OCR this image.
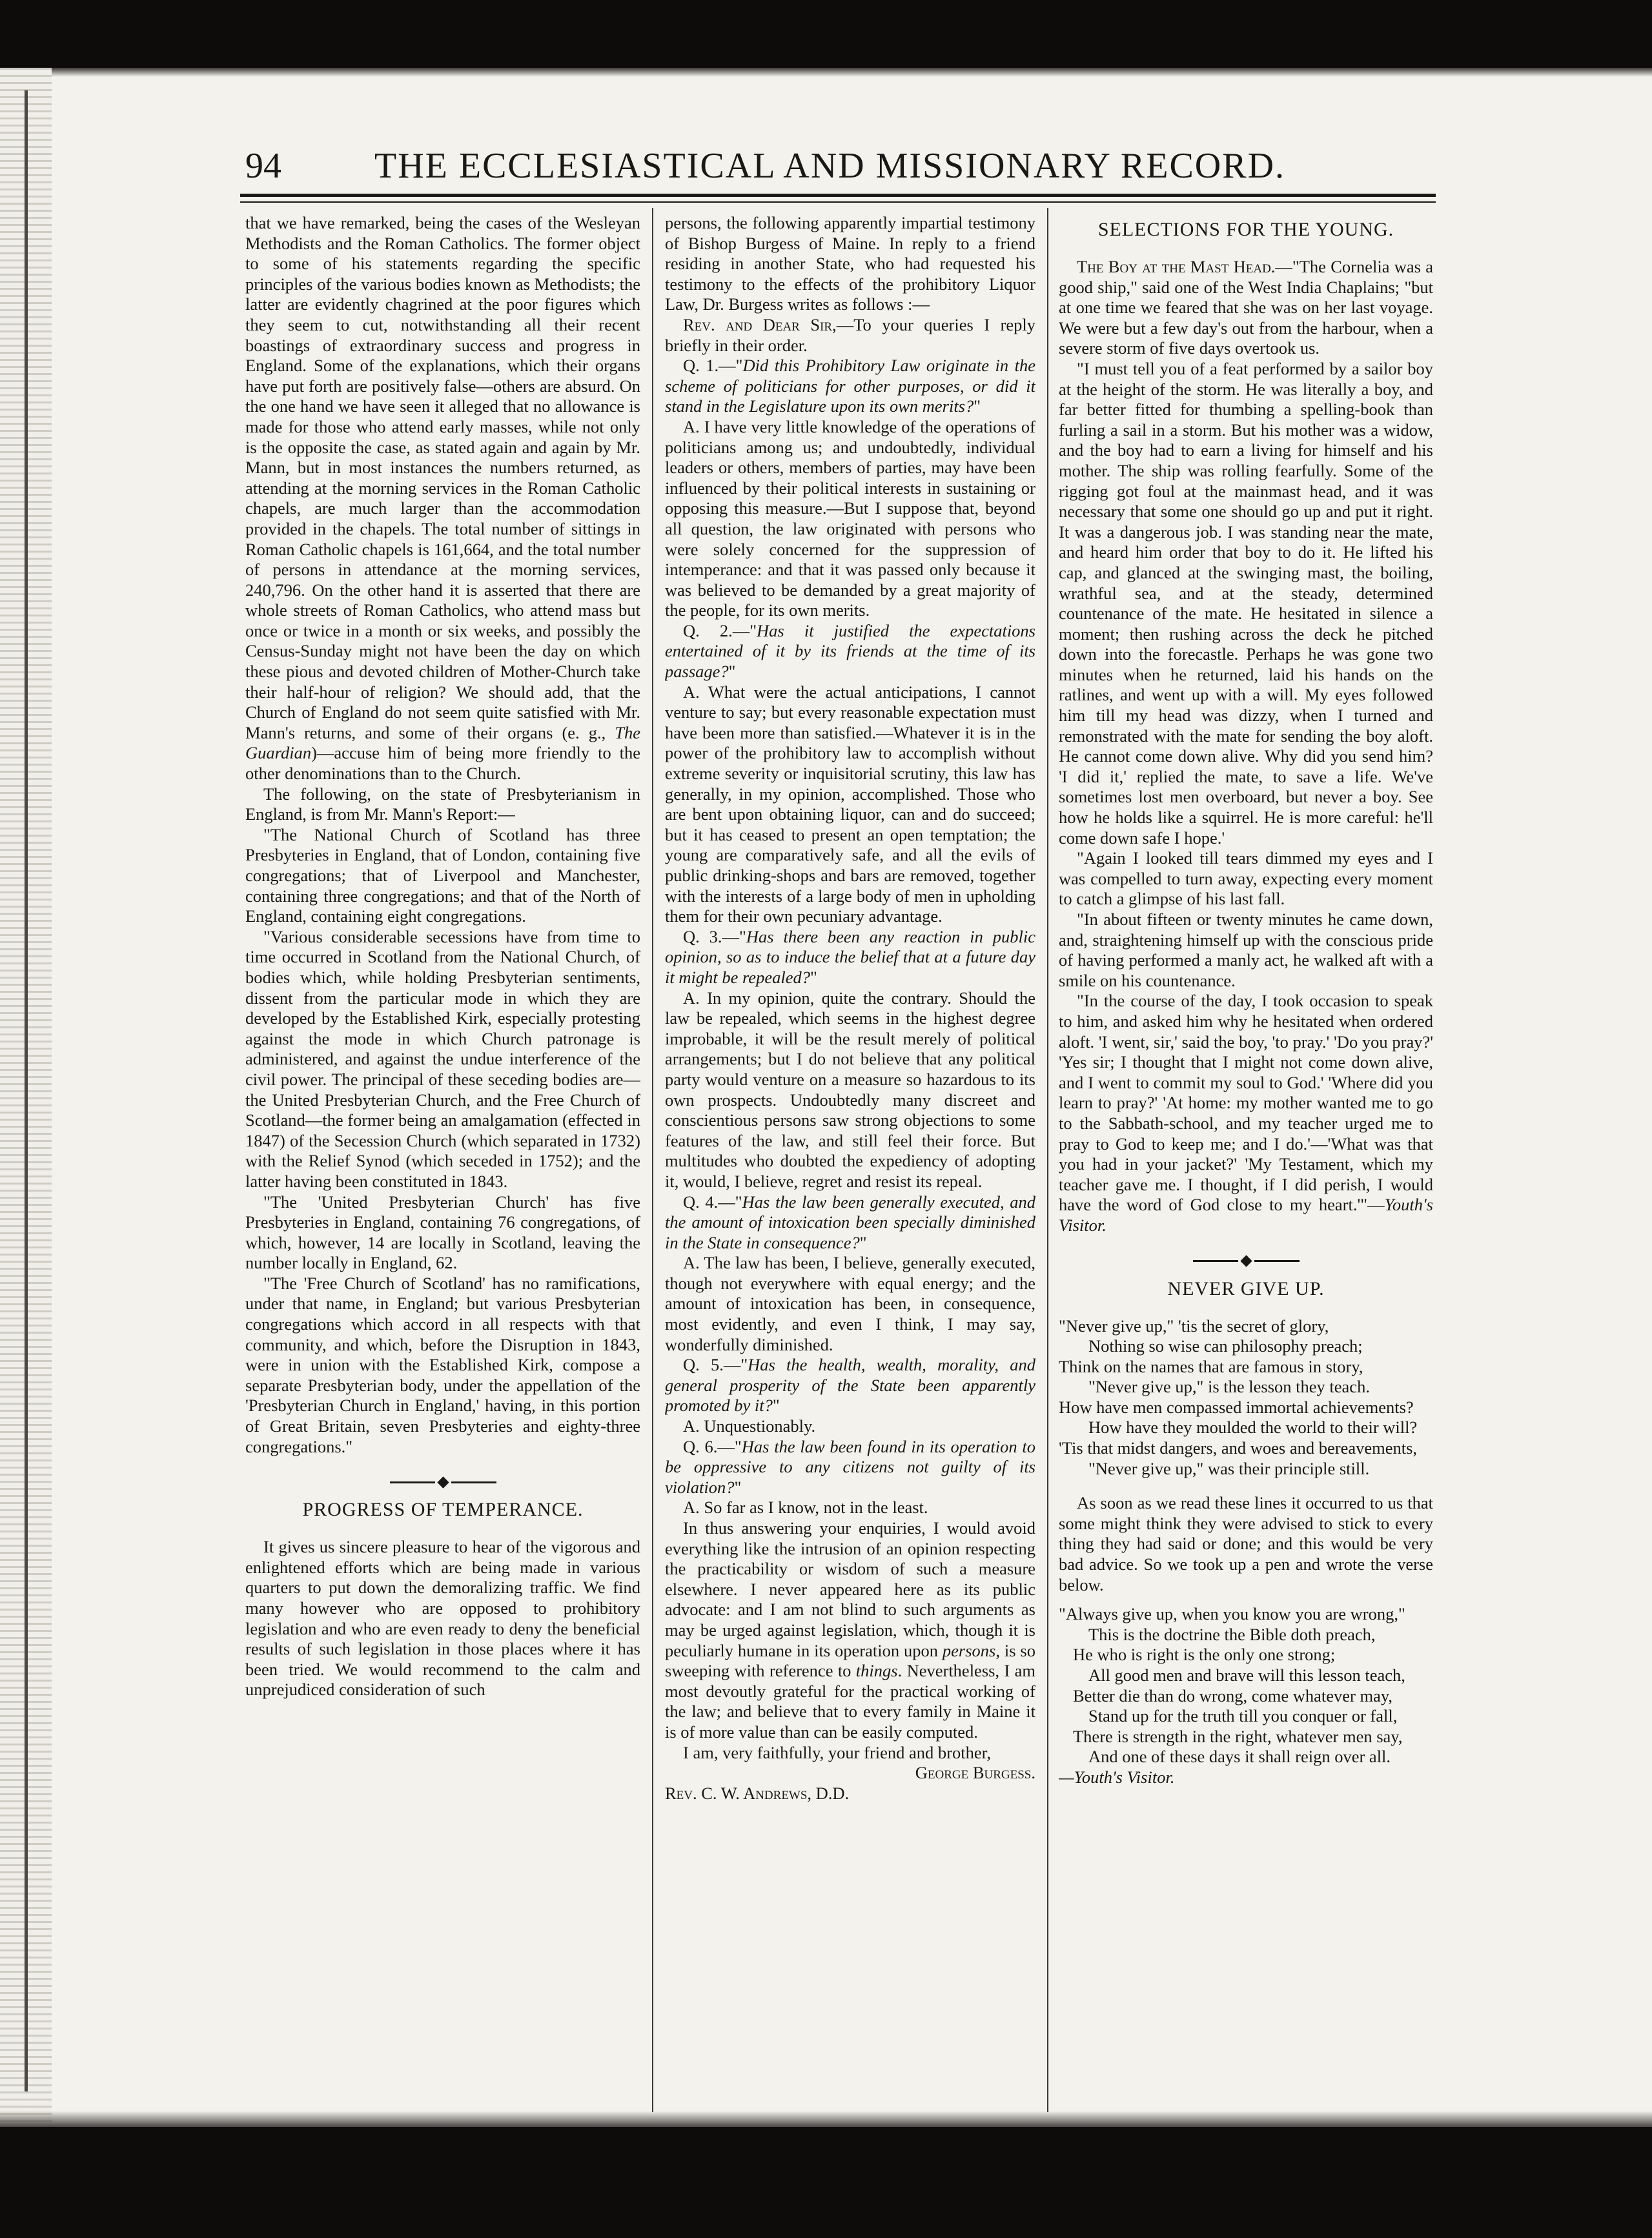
94	THE ECCLESIASTICAL AND MISSIONARY RECORD.

that we have remarked, being the cases of the Wesleyan Methodists and the Roman Catholics. The former object to some of his statements regarding the specific principles of the various bodies known as Methodists; the latter are evidently chagrined at the poor figures which they seem to cut, notwithstanding all their recent boastings of extraordinary success and progress in England. Some of the explanations, which their organs have put forth are positively false—others are absurd. On the one hand we have seen it alleged that no allowance is made for those who attend early masses, while not only is the opposite the case, as stated again and again by Mr. Mann, but in most instances the numbers returned, as attending at the morning services in the Roman Catholic chapels, are much larger than the accommodation provided in the chapels. The total number of sittings in Roman Catholic chapels is 161,664, and the total number of persons in attendance at the morning services, 240,796. On the other hand it is asserted that there are whole streets of Roman Catholics, who attend mass but once or twice in a month or six weeks, and possibly the Census-Sunday might not have been the day on which these pious and devoted children of Mother-Church take their half-hour of religion? We should add, that the Church of England do not seem quite satisfied with Mr. Mann's returns, and some of their organs (e. g., The Guardian)—accuse him of being more friendly to the other denominations than to the Church.

The following, on the state of Presbyterianism in England, is from Mr. Mann's Report:—

"The National Church of Scotland has three Presbyteries in England, that of London, containing five congregations; that of Liverpool and Manchester, containing three congregations; and that of the North of England, containing eight congregations.

"Various considerable secessions have from time to time occurred in Scotland from the National Church, of bodies which, while holding Presbyterian sentiments, dissent from the particular mode in which they are developed by the Established Kirk, especially protesting against the mode in which Church patronage is administered, and against the undue interference of the civil power. The principal of these seceding bodies are—the United Presbyterian Church, and the Free Church of Scotland—the former being an amalgamation (effected in 1847) of the Secession Church (which separated in 1732) with the Relief Synod (which seceded in 1752); and the latter having been constituted in 1843.

"The 'United Presbyterian Church' has five Presbyteries in England, containing 76 congregations, of which, however, 14 are locally in Scotland, leaving the number locally in England, 62.

"The 'Free Church of Scotland' has no ramifications, under that name, in England; but various Presbyterian congregations which accord in all respects with that community, and which, before the Disruption in 1843, were in union with the Established Kirk, compose a separate Presbyterian body, under the appellation of the 'Presbyterian Church in England,' having, in this portion of Great Britain, seven Presbyteries and eighty-three congregations."

PROGRESS OF TEMPERANCE.

It gives us sincere pleasure to hear of the vigorous and enlightened efforts which are being made in various quarters to put down the demoralizing traffic. We find many however who are opposed to prohibitory legislation and who are even ready to deny the beneficial results of such legislation in those places where it has been tried. We would recommend to the calm and unprejudiced consideration of such

persons, the following apparently impartial testimony of Bishop Burgess of Maine. In reply to a friend residing in another State, who had requested his testimony to the effects of the prohibitory Liquor Law, Dr. Burgess writes as follows :—

Rev. and Dear Sir,—To your queries I reply briefly in their order.

Q. 1.—"Did this Prohibitory Law originate in the scheme of politicians for other purposes, or did it stand in the Legislature upon its own merits?"

A. I have very little knowledge of the operations of politicians among us; and undoubtedly, individual leaders or others, members of parties, may have been influenced by their political interests in sustaining or opposing this measure.—But I suppose that, beyond all question, the law originated with persons who were solely concerned for the suppression of intemperance: and that it was passed only because it was believed to be demanded by a great majority of the people, for its own merits.

Q. 2.—"Has it justified the expectations entertained of it by its friends at the time of its passage?"

A. What were the actual anticipations, I cannot venture to say; but every reasonable expectation must have been more than satisfied.—Whatever it is in the power of the prohibitory law to accomplish without extreme severity or inquisitorial scrutiny, this law has generally, in my opinion, accomplished. Those who are bent upon obtaining liquor, can and do succeed; but it has ceased to present an open temptation; the young are comparatively safe, and all the evils of public drinking-shops and bars are removed, together with the interests of a large body of men in upholding them for their own pecuniary advantage.

Q. 3.—"Has there been any reaction in public opinion, so as to induce the belief that at a future day it might be repealed?"

A. In my opinion, quite the contrary. Should the law be repealed, which seems in the highest degree improbable, it will be the result merely of political arrangements; but I do not believe that any political party would venture on a measure so hazardous to its own prospects. Undoubtedly many discreet and conscientious persons saw strong objections to some features of the law, and still feel their force. But multitudes who doubted the expediency of adopting it, would, I believe, regret and resist its repeal.

Q. 4.—"Has the law been generally executed, and the amount of intoxication been specially diminished in the State in consequence?"

A. The law has been, I believe, generally executed, though not everywhere with equal energy; and the amount of intoxication has been, in consequence, most evidently, and even I think, I may say, wonderfully diminished.

Q. 5.—"Has the health, wealth, morality, and general prosperity of the State been apparently promoted by it?"

A. Unquestionably.

Q. 6.—"Has the law been found in its operation to be oppressive to any citizens not guilty of its violation?"

A. So far as I know, not in the least.

In thus answering your enquiries, I would avoid everything like the intrusion of an opinion respecting the practicability or wisdom of such a measure elsewhere. I never appeared here as its public advocate: and I am not blind to such arguments as may be urged against legislation, which, though it is peculiarly humane in its operation upon persons, is so sweeping with reference to things. Nevertheless, I am most devoutly grateful for the practical working of the law; and believe that to every family in Maine it is of more value than can be easily computed.

I am, very faithfully, your friend and brother,

George Burgess.

Rev. C. W. Andrews, D.D.

SELECTIONS FOR THE YOUNG.

The Boy at the Mast Head.—"The Cornelia was a good ship," said one of the West India Chaplains; "but at one time we feared that she was on her last voyage. We were but a few day's out from the harbour, when a severe storm of five days overtook us.

"I must tell you of a feat performed by a sailor boy at the height of the storm. He was literally a boy, and far better fitted for thumbing a spelling-book than furling a sail in a storm. But his mother was a widow, and the boy had to earn a living for himself and his mother. The ship was rolling fearfully. Some of the rigging got foul at the mainmast head, and it was necessary that some one should go up and put it right. It was a dangerous job. I was standing near the mate, and heard him order that boy to do it. He lifted his cap, and glanced at the swinging mast, the boiling, wrathful sea, and at the steady, determined countenance of the mate. He hesitated in silence a moment; then rushing across the deck he pitched down into the forecastle. Perhaps he was gone two minutes when he returned, laid his hands on the ratlines, and went up with a will. My eyes followed him till my head was dizzy, when I turned and remonstrated with the mate for sending the boy aloft. He cannot come down alive. Why did you send him? 'I did it,' replied the mate, to save a life. We've sometimes lost men overboard, but never a boy. See how he holds like a squirrel. He is more careful: he'll come down safe I hope.'

"Again I looked till tears dimmed my eyes and I was compelled to turn away, expecting every moment to catch a glimpse of his last fall.

"In about fifteen or twenty minutes he came down, and, straightening himself up with the conscious pride of having performed a manly act, he walked aft with a smile on his countenance.

"In the course of the day, I took occasion to speak to him, and asked him why he hesitated when ordered aloft. 'I went, sir,' said the boy, 'to pray.' 'Do you pray?' 'Yes sir; I thought that I might not come down alive, and I went to commit my soul to God.' 'Where did you learn to pray?' 'At home: my mother wanted me to go to the Sabbath-school, and my teacher urged me to pray to God to keep me; and I do.'—'What was that you had in your jacket?' 'My Testament, which my teacher gave me. I thought, if I did perish, I would have the word of God close to my heart.'"—Youth's Visitor.

NEVER GIVE UP.
"Never give up," 'tis the secret of glory,
Nothing so wise can philosophy preach;
Think on the names that are famous in story,
"Never give up," is the lesson they teach.
How have men compassed immortal achievements?
How have they moulded the world to their will?
'Tis that midst dangers, and woes and bereavements,
"Never give up," was their principle still.

As soon as we read these lines it occurred to us that some might think they were advised to stick to every thing they had said or done; and this would be very bad advice. So we took up a pen and wrote the verse below.

"Always give up, when you know you are wrong,"
This is the doctrine the Bible doth preach,
He who is right is the only one strong;
All good men and brave will this lesson teach,
Better die than do wrong, come whatever may,
Stand up for the truth till you conquer or fall,
There is strength in the right, whatever men say,
And one of these days it shall reign over all.
—Youth's Visitor.
